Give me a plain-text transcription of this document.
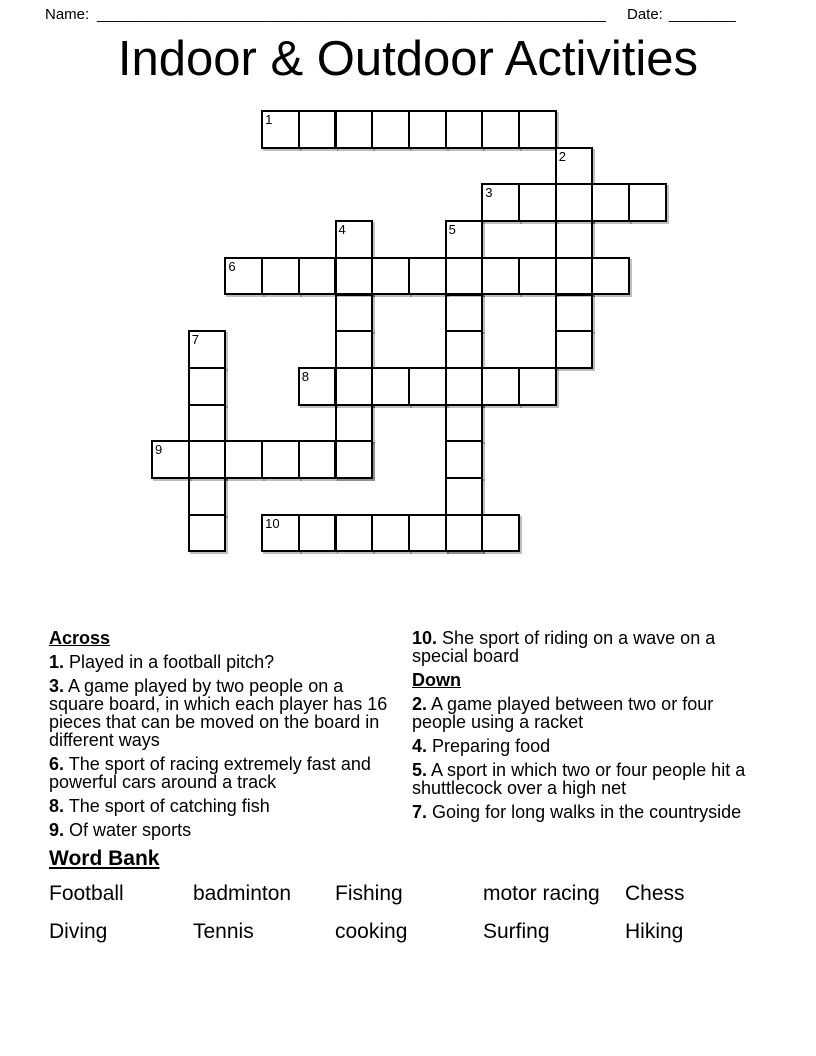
Name: _____________________________________________________________ Date: ________
Indoor & Outdoor Activities
1
2
3
4	5
6
7
8
9
10

Across

1. Played in a football pitch?

3. A game played by two people on a square board, in which each player has 16 pieces that can be moved on the board in different ways

6. The sport of racing extremely fast and powerful cars around a track

8. The sport of catching fish

9. Of water sports

10. She sport of riding on a wave on a special board

Down

2. A game played between two or four people using a racket

4. Preparing food

5. A sport in which two or four people hit a shuttlecock over a high net

7. Going for long walks in the countryside

Word Bank
Football	badminton	Fishing	motor racing	Chess
Diving	Tennis	cooking	Surfing	Hiking
